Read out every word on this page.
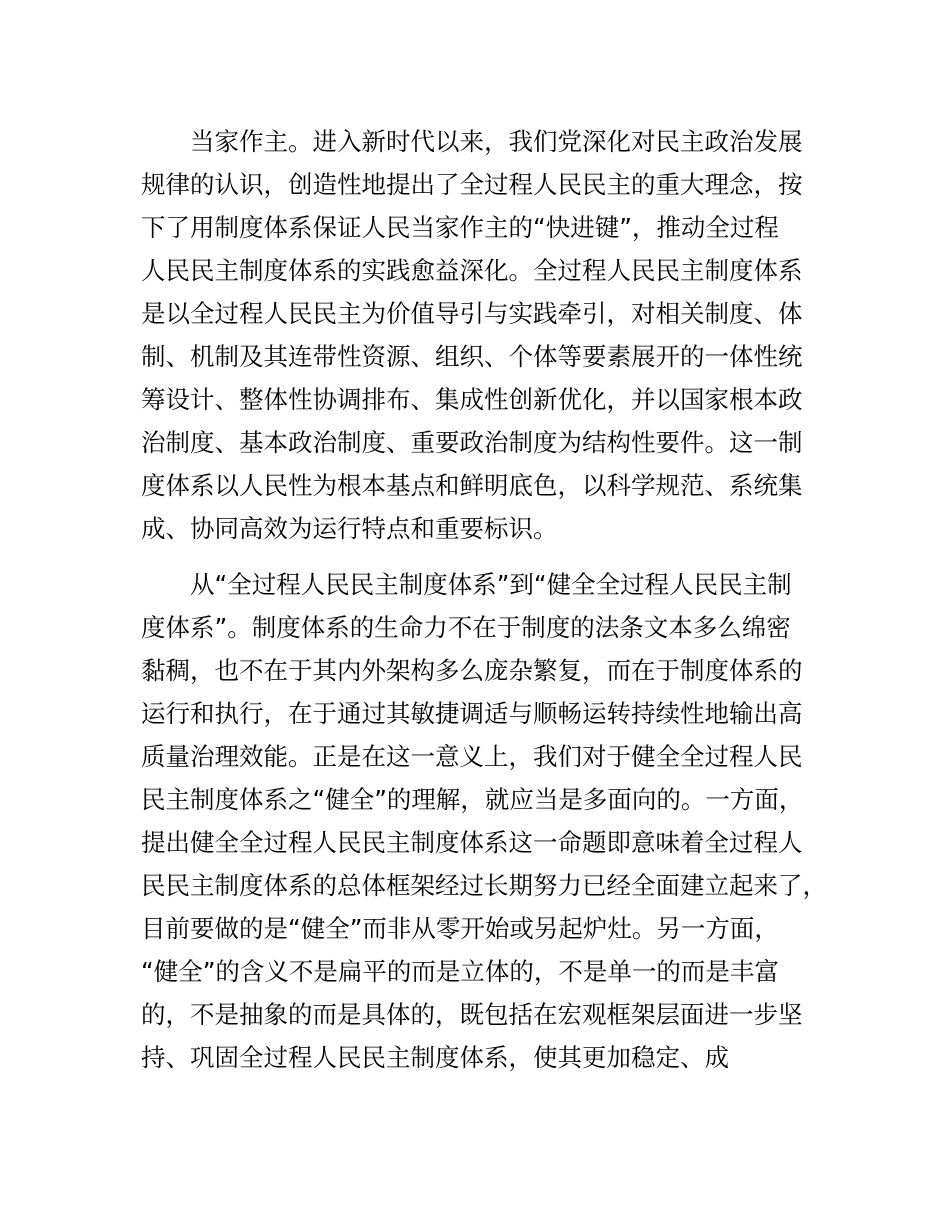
当家作主。进入新时代以来，我们党深化对民主政治发展
规律的认识，创造性地提出了全过程人民民主的重大理念，按
下了用制度体系保证人民当家作主的“快进键”，推动全过程
人民民主制度体系的实践愈益深化。全过程人民民主制度体系
是以全过程人民民主为价值导引与实践牵引，对相关制度、体
制、机制及其连带性资源、组织、个体等要素展开的一体性统
筹设计、整体性协调排布、集成性创新优化，并以国家根本政
治制度、基本政治制度、重要政治制度为结构性要件。这一制
度体系以人民性为根本基点和鲜明底色，以科学规范、系统集
成、协同高效为运行特点和重要标识。
从“全过程人民民主制度体系”到“健全全过程人民民主制
度体系”。制度体系的生命力不在于制度的法条文本多么绵密
黏稠，也不在于其内外架构多么庞杂繁复，而在于制度体系的
运行和执行，在于通过其敏捷调适与顺畅运转持续性地输出高
质量治理效能。正是在这一意义上，我们对于健全全过程人民
民主制度体系之“健全”的理解，就应当是多面向的。一方面，
提出健全全过程人民民主制度体系这一命题即意味着全过程人
民民主制度体系的总体框架经过长期努力已经全面建立起来了，
目前要做的是“健全”而非从零开始或另起炉灶。另一方面，
“健全”的含义不是扁平的而是立体的，不是单一的而是丰富
的，不是抽象的而是具体的，既包括在宏观框架层面进一步坚
持、巩固全过程人民民主制度体系，使其更加稳定、成
